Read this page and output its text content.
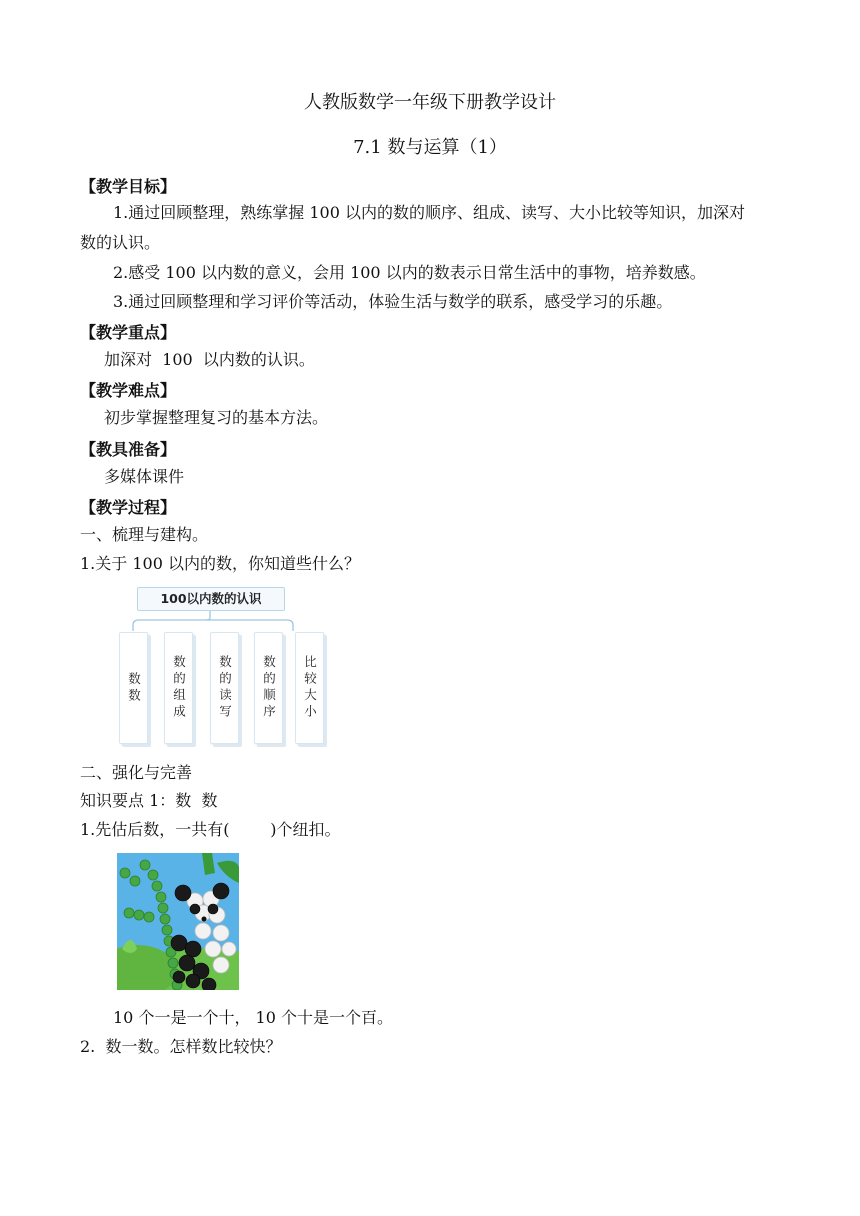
人教版数学一年级下册教学设计
7.1 数与运算（1）
【教学目标】
1.通过回顾整理，熟练掌握 100 以内的数的顺序、组成、读写、大小比较等知识，加深对
数的认识。
2.感受 100 以内数的意义，会用 100 以内的数表示日常生活中的事物，培养数感。
3.通过回顾整理和学习评价等活动，体验生活与数学的联系，感受学习的乐趣。
【教学重点】
加深对  100  以内数的认识。
【教学难点】
初步掌握整理复习的基本方法。
【教具准备】
多媒体课件
【教学过程】
一、梳理与建构。
1.关于 100 以内的数，你知道些什么？
100以内数的认识
数数 数的组成 数的读写 数的顺序 比较大小
二、强化与完善
知识要点 1：数  数
1.先估后数，一共有(        )个纽扣。
10 个一是一个十， 10 个十是一个百。
2.  数一数。怎样数比较快？
